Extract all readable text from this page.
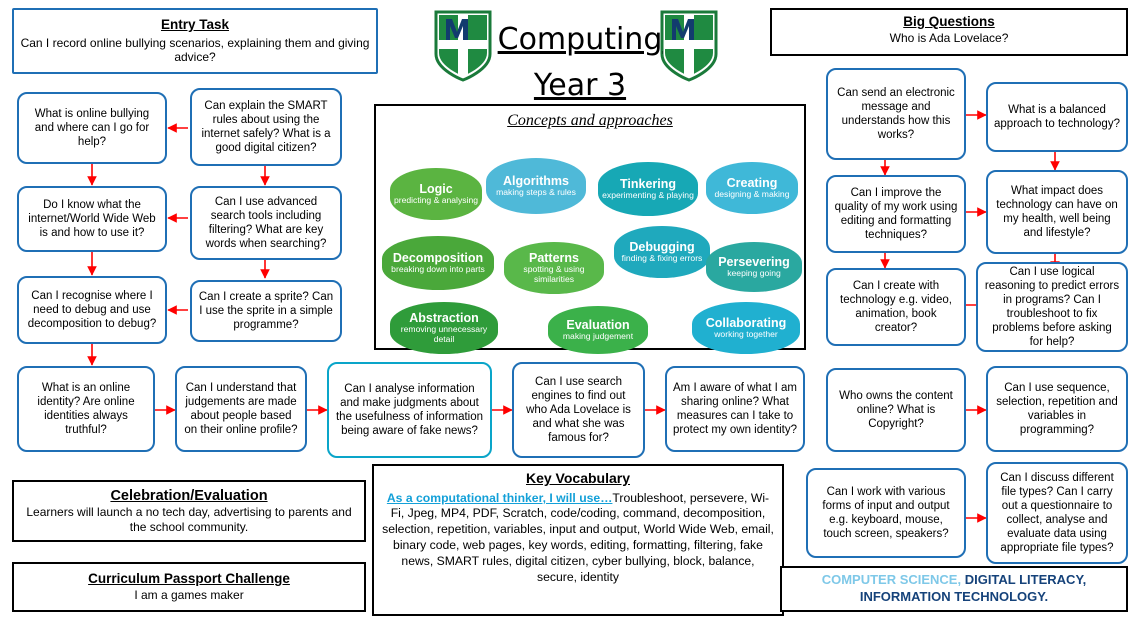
Computing
Year 3
Entry Task
Can I record online bullying scenarios, explaining them and giving advice?
Big Questions
Who is Ada Lovelace?
What is online bullying and where can I go for help?
Can explain the SMART rules about using the internet safely? What is a good digital citizen?
Do I know what the internet/World Wide Web is and how to use it?
Can I use advanced search tools including filtering? What are key words when searching?
Can I recognise where I need to debug and use decomposition to debug?
Can I create a sprite? Can I use the sprite in a simple programme?
What is an online identity? Are online identities always truthful?
Can I understand that judgements are made about people based on their online profile?
Can I analyse information and make judgments about the usefulness of information being aware of fake news?
Can I use search engines to find out who Ada Lovelace is and what she was famous for?
Am I aware of what I am sharing online? What measures can I take to protect my own identity?
Can send an electronic message and understands how this works?
What is a balanced approach to technology?
Can I improve the quality of my work using editing and formatting techniques?
What impact does technology can have on my health, well being and lifestyle?
Can I create with technology e.g. video, animation, book creator?
Can I use logical reasoning to predict errors in programs? Can I troubleshoot to fix problems before asking for help?
Who owns the content online? What is Copyright?
Can I use sequence, selection, repetition and variables in programming?
Can I work with various forms of input and output e.g. keyboard, mouse, touch screen, speakers?
Can I discuss different file types? Can I carry out a questionnaire to collect, analyse and evaluate data using appropriate file types?
Concepts and approaches
Logic
predicting & analysing
Algorithms
making steps & rules
Tinkering
experimenting & playing
Creating
designing & making
Decomposition
breaking down into parts
Patterns
spotting & using similarities
Debugging
finding & fixing errors Persevering
keeping going
Abstraction
removing unnecessary detail
Evaluation
making judgement
Collaborating
working together
Celebration/Evaluation
Learners will launch a no tech day, advertising to parents and the school community.
Curriculum Passport Challenge
I am a games maker
Key Vocabulary
As a computational thinker, I will use…Troubleshoot, persevere, Wi-Fi, Jpeg, MP4, PDF, Scratch, code/coding, command, decomposition, selection, repetition, variables, input and output, World Wide Web, email, binary code, web pages, key words, editing, formatting, filtering, fake news, SMART rules, digital citizen, cyber bullying, block, balance, secure, identity	COMPUTER SCIENCE, DIGITAL LITERACY, INFORMATION TECHNOLOGY.
